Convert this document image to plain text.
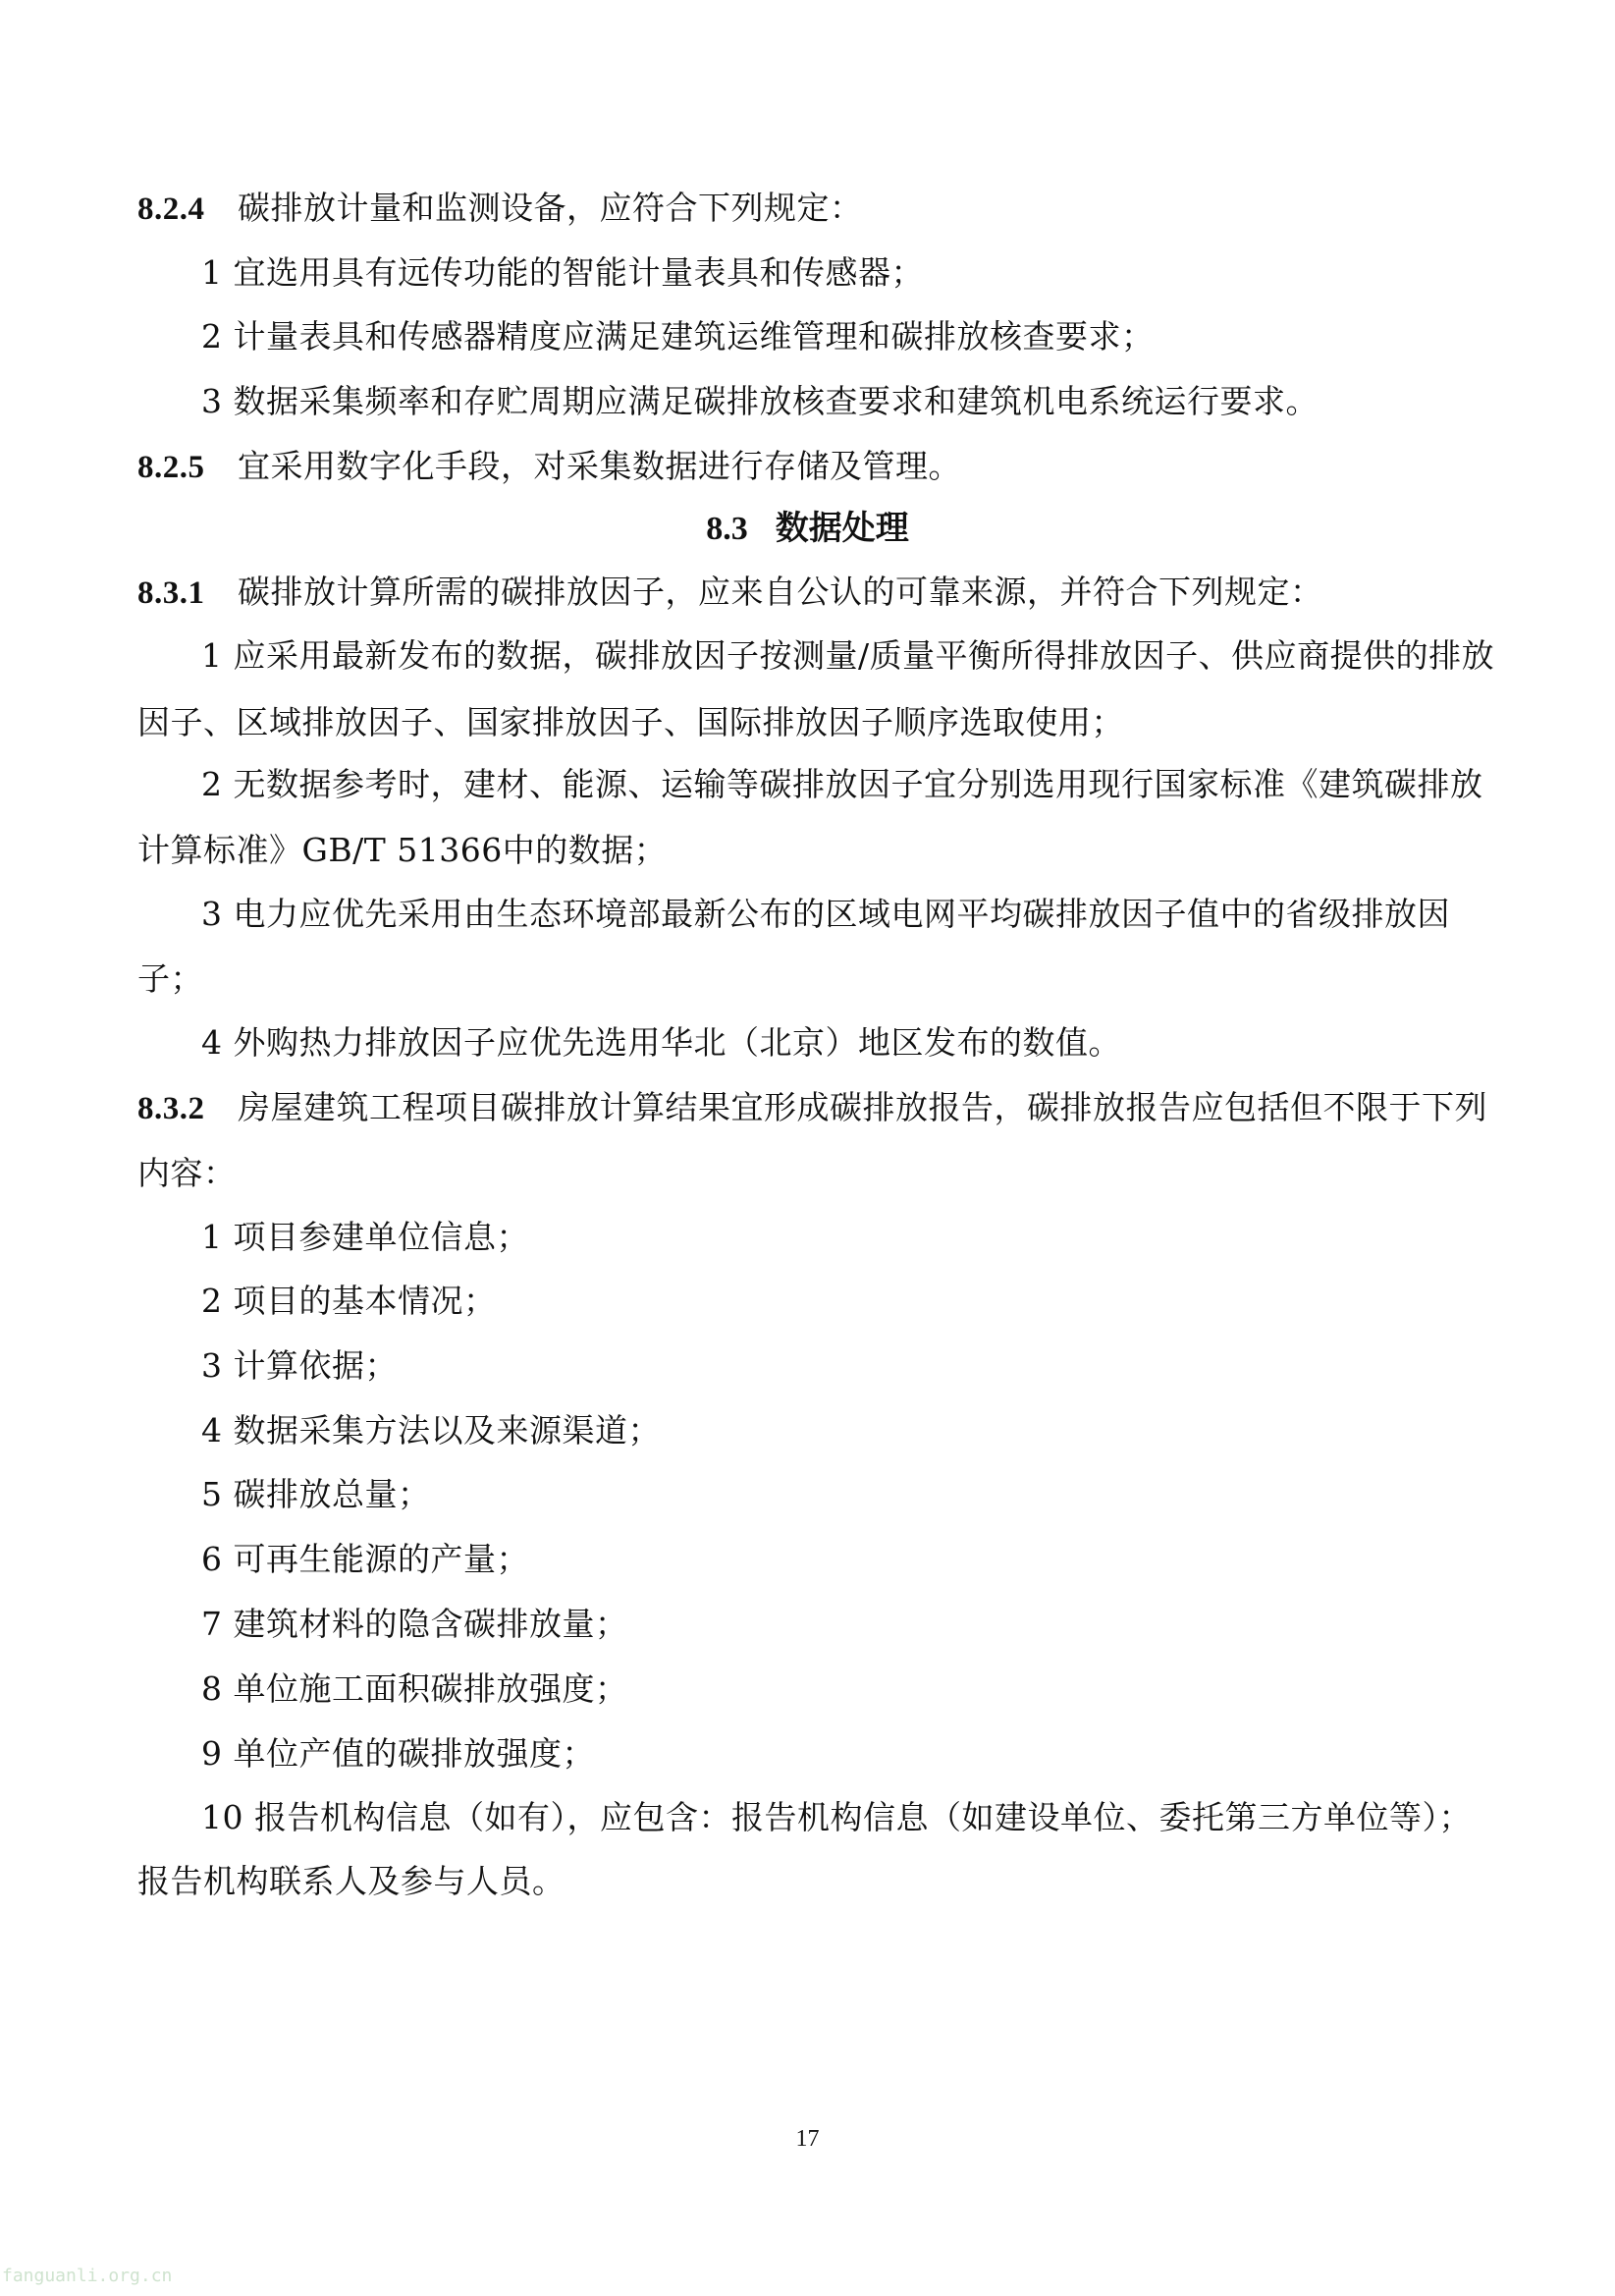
8.2.4 碳排放计量和监测设备，应符合下列规定：
1 宜选用具有远传功能的智能计量表具和传感器；
2 计量表具和传感器精度应满足建筑运维管理和碳排放核查要求；
3 数据采集频率和存贮周期应满足碳排放核查要求和建筑机电系统运行要求。
8.2.5 宜采用数字化手段，对采集数据进行存储及管理。
8.3 数据处理
8.3.1 碳排放计算所需的碳排放因子，应来自公认的可靠来源，并符合下列规定：
1 应采用最新发布的数据，碳排放因子按测量/质量平衡所得排放因子、供应商提供的排放
因子、区域排放因子、国家排放因子、国际排放因子顺序选取使用；
2 无数据参考时，建材、能源、运输等碳排放因子宜分别选用现行国家标准《建筑碳排放
计算标准》GB/T 51366中的数据；
3 电力应优先采用由生态环境部最新公布的区域电网平均碳排放因子值中的省级排放因
子；
4 外购热力排放因子应优先选用华北（北京）地区发布的数值。
8.3.2 房屋建筑工程项目碳排放计算结果宜形成碳排放报告，碳排放报告应包括但不限于下列
内容：
1 项目参建单位信息；
2 项目的基本情况；
3 计算依据；
4 数据采集方法以及来源渠道；
5 碳排放总量；
6 可再生能源的产量；
7 建筑材料的隐含碳排放量；
8 单位施工面积碳排放强度；
9 单位产值的碳排放强度；
10 报告机构信息（如有），应包含：报告机构信息（如建设单位、委托第三方单位等）；
报告机构联系人及参与人员。
17
fanguanli.org.cn
